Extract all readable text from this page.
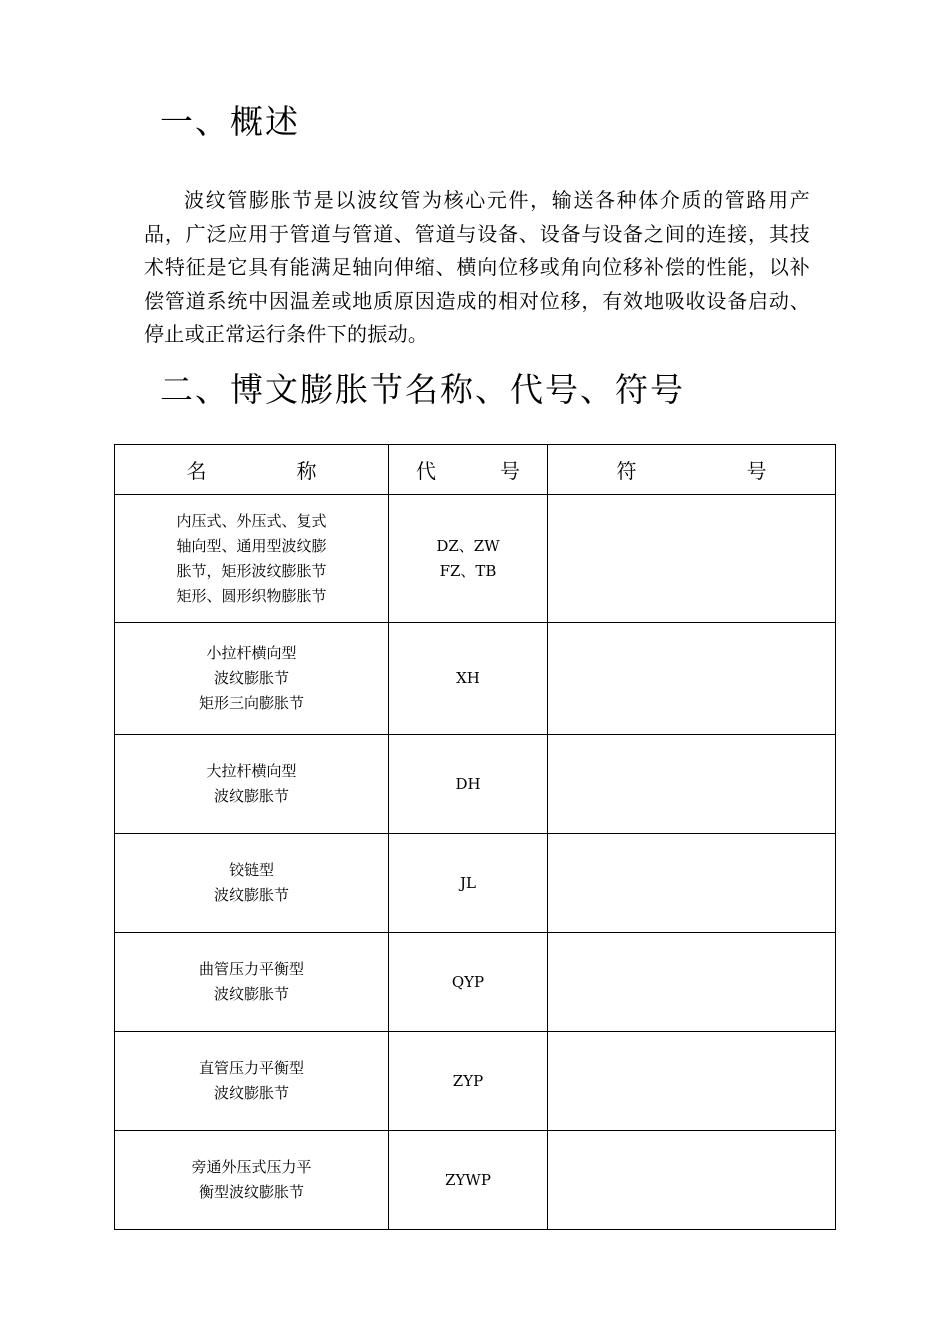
一、概述

波纹管膨胀节是以波纹管为核心元件，输送各种体介质的管路用产品，广泛应用于管道与管道、管道与设备、设备与设备之间的连接，其技术特征是它具有能满足轴向伸缩、横向位移或角向位移补偿的性能，以补偿管道系统中因温差或地质原因造成的相对位移，有效地吸收设备启动、停止或正常运行条件下的振动。

二、博文膨胀节名称、代号、符号
名 称	代 号	符 号

内压式、外压式、复式
轴向型、通用型波纹膨
胀节，矩形波纹膨胀节
矩形、圆形织物膨胀节	DZ、ZW
FZ、TB	

小拉杆横向型
波纹膨胀节
矩形三向膨胀节	XH	

大拉杆横向型
波纹膨胀节	DH	

铰链型
波纹膨胀节	JL	

曲管压力平衡型
波纹膨胀节	QYP	

直管压力平衡型
波纹膨胀节	ZYP	

旁通外压式压力平
衡型波纹膨胀节	ZYWP	
